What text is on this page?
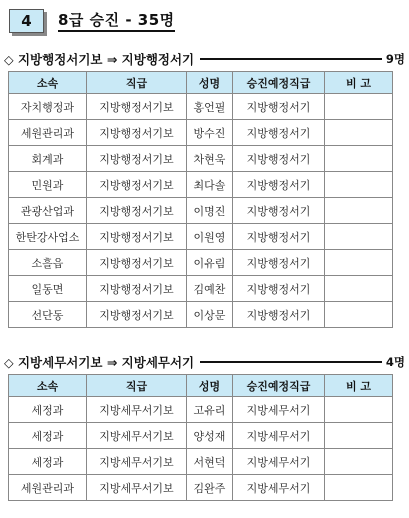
4	8급 승진 - 35명
◇ 지방행정서기보 ⇒ 지방행정서기	9명
소속	직급	성명	승진예정직급	비 고
자치행정과	지방행정서기보	홍언필	지방행정서기	
세원관리과	지방행정서기보	방수진	지방행정서기	
회계과	지방행정서기보	차현욱	지방행정서기	
민원과	지방행정서기보	최다솔	지방행정서기	
관광산업과	지방행정서기보	이명진	지방행정서기	
한탄강사업소	지방행정서기보	이원영	지방행정서기	
소흘읍	지방행정서기보	이유림	지방행정서기	
일동면	지방행정서기보	김예찬	지방행정서기	
선단동	지방행정서기보	이상문	지방행정서기	
◇ 지방세무서기보 ⇒ 지방세무서기	4명
소속	직급	성명	승진예정직급	비 고
세정과	지방세무서기보	고유리	지방세무서기	
세정과	지방세무서기보	양성재	지방세무서기	
세정과	지방세무서기보	서현덕	지방세무서기	
세원관리과	지방세무서기보	김완주	지방세무서기	
